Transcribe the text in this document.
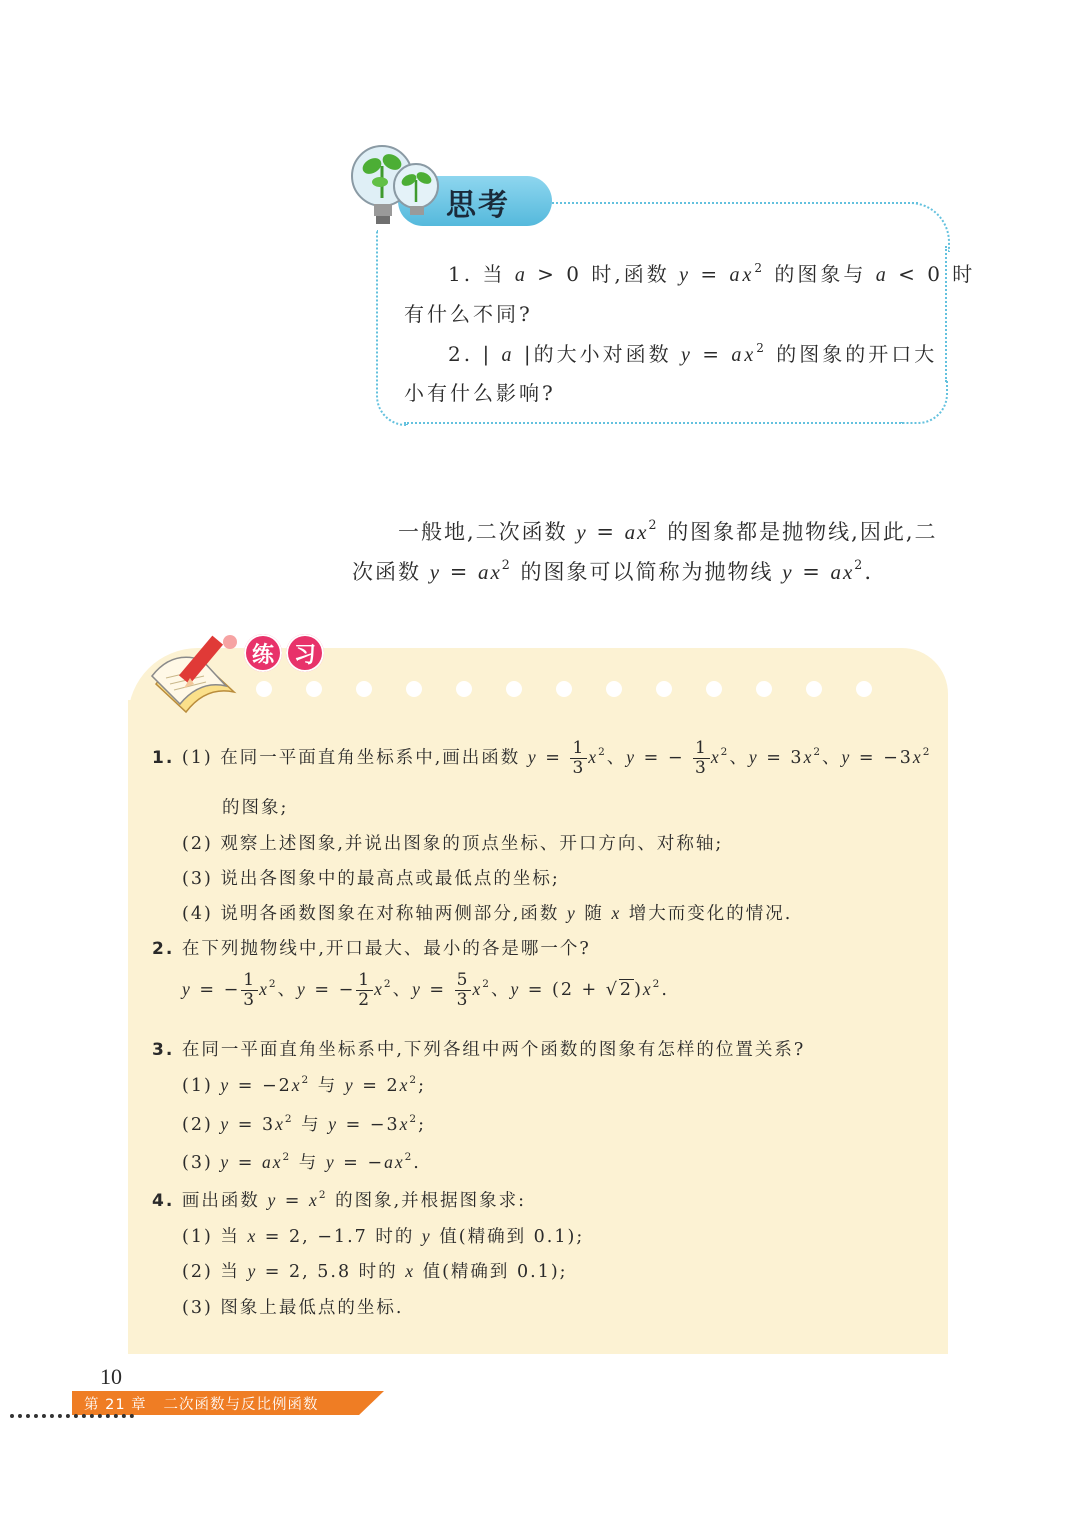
思考
1. 当 a > 0 时,函数 $y = ax^2$ 的图象与 a < 0 时
有什么不同?
2. | a |的大小对函数 $y = ax^2$ 的图象的开口大
小有什么影响?
一般地,二次函数 $y = ax^2$ 的图象都是抛物线,因此,二
次函数 $y = ax^2$ 的图象可以简称为抛物线 $y = ax^2$.
练 习
1. (1) 在同一平面直角坐标系中,画出函数 $y = \frac{1}{3} x^2$、y = − $\frac{1}{3} x^2$、$y = 3x^2$、$y = -3x^2$
的图象;
(2) 观察上述图象,并说出图象的顶点坐标、开口方向、对称轴;
(3) 说出各图象中的最高点或最低点的坐标;
(4) 说明各函数图象在对称轴两侧部分,函数 y 随 x 增大而变化的情况.
2. 在下列抛物线中,开口最大、最小的各是哪一个?
y = − $\frac{1}{3} x^2$、y = − $\frac{1}{2} x^2$、$y = \frac{5}{3} x^2$、$y = (2 + √2)x^2$.
3. 在同一平面直角坐标系中,下列各组中两个函数的图象有怎样的位置关系?
(1) $y = -2x^2$ 与 $y = 2x^2$;
(2) $y = 3x^2$ 与 $y = -3x^2$;
(3) $y = ax^2$ 与 $y = -ax^2$.
4. 画出函数 $y = x^2$ 的图象,并根据图象求:
(1) 当 x = 2, −1.7 时的 y 值(精确到 0.1);
(2) 当 y = 2, 5.8 时的 x 值(精确到 0.1);
(3) 图象上最低点的坐标.
10
第 21 章   二次函数与反比例函数
